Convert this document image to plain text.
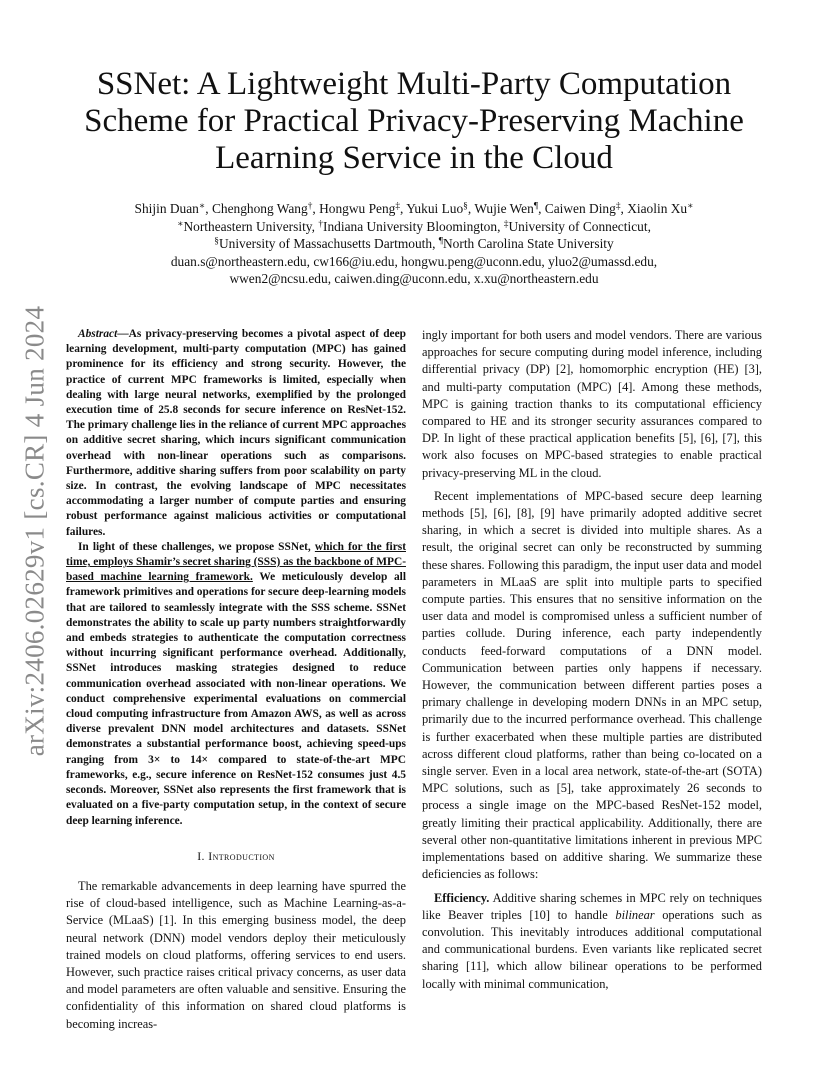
arXiv:2406.02629v1 [cs.CR] 4 Jun 2024
SSNet: A Lightweight Multi-Party Computation
Scheme for Practical Privacy-Preserving Machine
Learning Service in the Cloud
Shijin Duan∗, Chenghong Wang†, Hongwu Peng‡, Yukui Luo§, Wujie Wen¶, Caiwen Ding‡, Xiaolin Xu∗
∗Northeastern University, †Indiana University Bloomington, ‡University of Connecticut,
§University of Massachusetts Dartmouth, ¶North Carolina State University
duan.s@northeastern.edu, cw166@iu.edu, hongwu.peng@uconn.edu, yluo2@umassd.edu,
wwen2@ncsu.edu, caiwen.ding@uconn.edu, x.xu@northeastern.edu

Abstract—As privacy-preserving becomes a pivotal aspect of deep learning development, multi-party computation (MPC) has gained prominence for its efficiency and strong security. However, the practice of current MPC frameworks is limited, especially when dealing with large neural networks, exemplified by the prolonged execution time of 25.8 seconds for secure inference on ResNet-152. The primary challenge lies in the reliance of current MPC approaches on additive secret sharing, which incurs significant communication overhead with non-linear operations such as comparisons. Furthermore, additive sharing suffers from poor scalability on party size. In contrast, the evolving landscape of MPC necessitates accommodating a larger number of compute parties and ensuring robust performance against malicious activities or computational failures.

In light of these challenges, we propose SSNet, which for the first time, employs Shamir’s secret sharing (SSS) as the backbone of MPC-based machine learning framework. We meticulously develop all framework primitives and operations for secure deep-learning models that are tailored to seamlessly integrate with the SSS scheme. SSNet demonstrates the ability to scale up party numbers straightforwardly and embeds strategies to authenticate the computation correctness without incurring significant performance overhead. Additionally, SSNet introduces masking strategies designed to reduce communication overhead associated with non-linear operations. We conduct comprehensive experimental evaluations on commercial cloud computing infrastructure from Amazon AWS, as well as across diverse prevalent DNN model architectures and datasets. SSNet demonstrates a substantial performance boost, achieving speed-ups ranging from 3× to 14× compared to state-of-the-art MPC frameworks, e.g., secure inference on ResNet-152 consumes just 4.5 seconds. Moreover, SSNet also represents the first framework that is evaluated on a five-party computation setup, in the context of secure deep learning inference.

I. Introduction

The remarkable advancements in deep learning have spurred the rise of cloud-based intelligence, such as Machine Learning-as-a-Service (MLaaS) [1]. In this emerging business model, the deep neural network (DNN) model vendors deploy their meticulously trained models on cloud platforms, offering services to end users. However, such practice raises critical privacy concerns, as user data and model parameters are often valuable and sensitive. Ensuring the confidentiality of this information on shared cloud platforms is becoming increas-

ingly important for both users and model vendors. There are various approaches for secure computing during model inference, including differential privacy (DP) [2], homomorphic encryption (HE) [3], and multi-party computation (MPC) [4]. Among these methods, MPC is gaining traction thanks to its computational efficiency compared to HE and its stronger security assurances compared to DP. In light of these practical application benefits [5], [6], [7], this work also focuses on MPC-based strategies to enable practical privacy-preserving ML in the cloud.

Recent implementations of MPC-based secure deep learning methods [5], [6], [8], [9] have primarily adopted additive secret sharing, in which a secret is divided into multiple shares. As a result, the original secret can only be reconstructed by summing these shares. Following this paradigm, the input user data and model parameters in MLaaS are split into multiple parts to specified compute parties. This ensures that no sensitive information on the user data and model is compromised unless a sufficient number of parties collude. During inference, each party independently conducts feed-forward computations of a DNN model. Communication between parties only happens if necessary. However, the communication between different parties poses a primary challenge in developing modern DNNs in an MPC setup, primarily due to the incurred performance overhead. This challenge is further exacerbated when these multiple parties are distributed across different cloud platforms, rather than being co-located on a single server. Even in a local area network, state-of-the-art (SOTA) MPC solutions, such as [5], take approximately 26 seconds to process a single image on the MPC-based ResNet-152 model, greatly limiting their practical applicability. Additionally, there are several other non-quantitative limitations inherent in previous MPC implementations based on additive sharing. We summarize these deficiencies as follows:

Efficiency. Additive sharing schemes in MPC rely on techniques like Beaver triples [10] to handle bilinear operations such as convolution. This inevitably introduces additional computational and communicational burdens. Even variants like replicated secret sharing [11], which allow bilinear operations to be performed locally with minimal communication,
